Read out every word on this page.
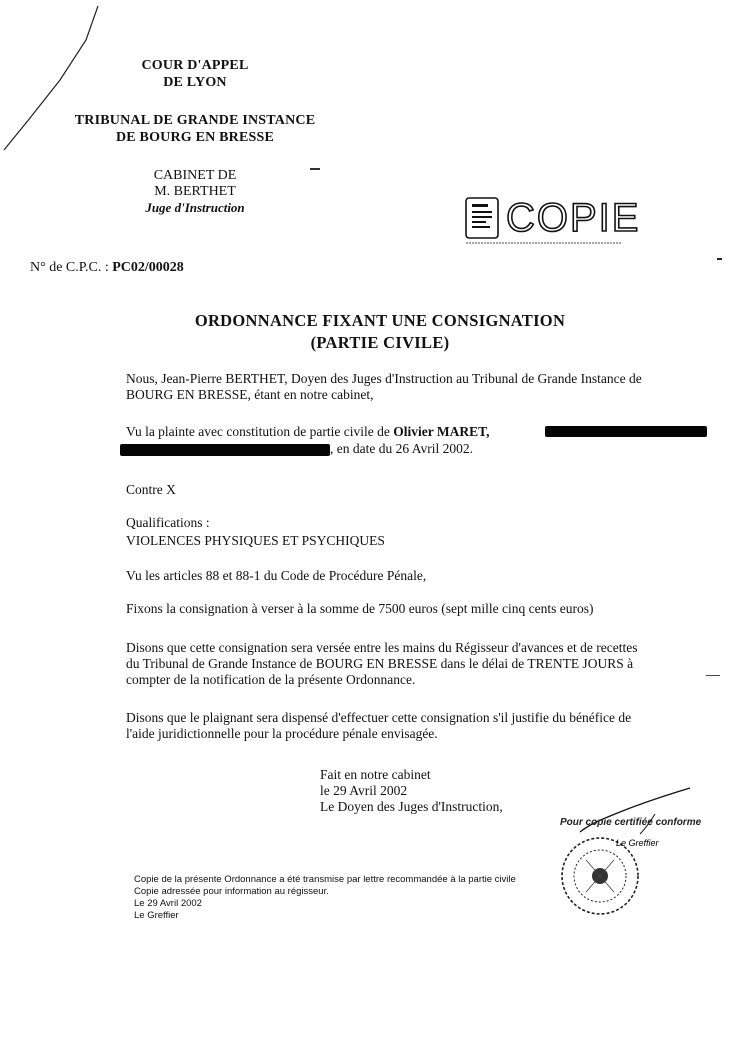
COUR D'APPEL
DE LYON
TRIBUNAL DE GRANDE INSTANCE
DE BOURG EN BRESSE
CABINET DE
M. BERTHET
Juge d'Instruction	COPIE
N° de C.P.C. : PC02/00028
ORDONNANCE FIXANT UNE CONSIGNATION
(PARTIE CIVILE)
Nous, Jean-Pierre BERTHET, Doyen des Juges d'Instruction au Tribunal de Grande Instance de
BOURG EN BRESSE, étant en notre cabinet,
Vu la plainte avec constitution de partie civile de Olivier MARET,
, en date du 26 Avril 2002.
Contre X
Qualifications :
VIOLENCES PHYSIQUES ET PSYCHIQUES
Vu les articles 88 et 88-1 du Code de Procédure Pénale,
Fixons la consignation à verser à la somme de 7500 euros (sept mille cinq cents euros)
Disons que cette consignation sera versée entre les mains du Régisseur d'avances et de recettes
du Tribunal de Grande Instance de BOURG EN BRESSE dans le délai de TRENTE JOURS à
compter de la notification de la présente Ordonnance.
Disons que le plaignant sera dispensé d'effectuer cette consignation s'il justifie du bénéfice de
l'aide juridictionnelle pour la procédure pénale envisagée.
Fait en notre cabinet
le 29 Avril 2002
Le Doyen des Juges d'Instruction,
Pour copie certifiée conforme
Le Greffier
Copie de la présente Ordonnance a été transmise par lettre recommandée à la partie civile
Copie adressée pour information au régisseur.
Le 29 Avril 2002
Le Greffier
